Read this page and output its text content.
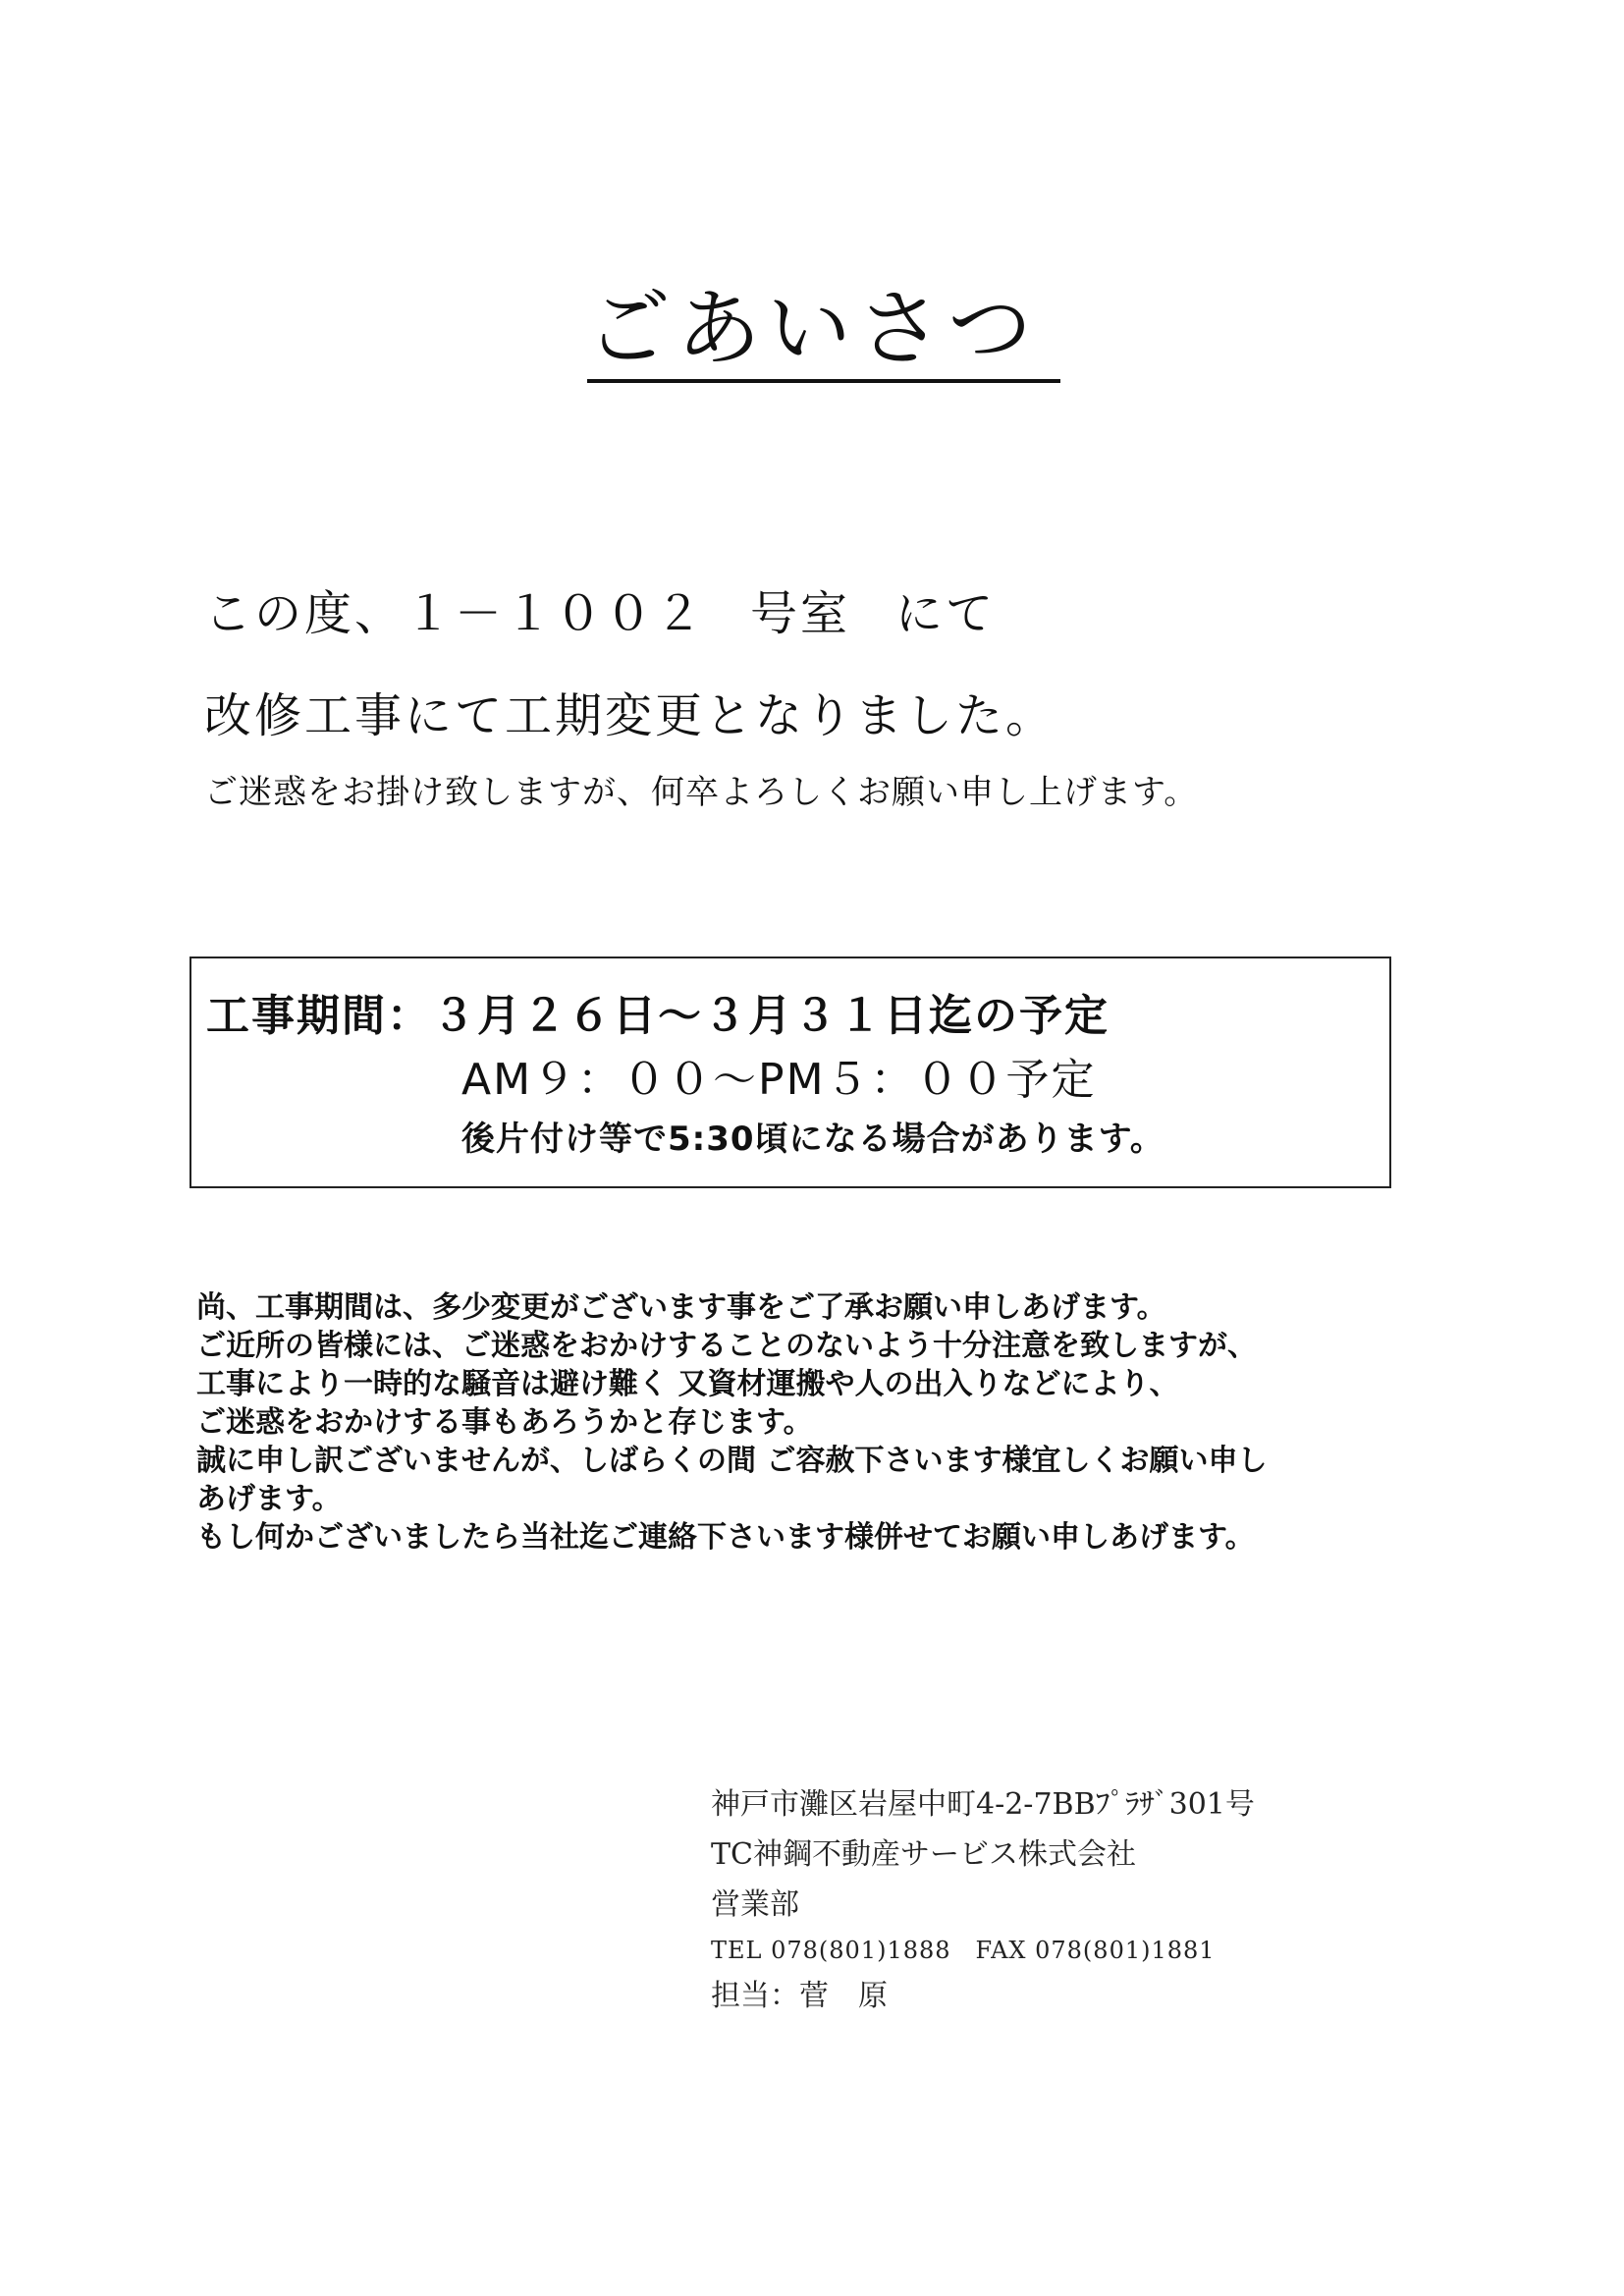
ごあいさつ
この度、１－１００２ 号室 にて
改修工事にて工期変更となりました。
ご迷惑をお掛け致しますが、何卒よろしくお願い申し上げます。
工事期間：３月２６日～３月３１日迄の予定
AM９：００～PM５：００予定
後片付け等で5:30頃になる場合があります。
尚、工事期間は、多少変更がございます事をご了承お願い申しあげます。
ご近所の皆様には、ご迷惑をおかけすることのないよう十分注意を致しますが、
工事により一時的な騒音は避け難く 又資材運搬や人の出入りなどにより、
ご迷惑をおかけする事もあろうかと存じます。
誠に申し訳ございませんが、しばらくの間 ご容赦下さいます様宜しくお願い申し
あげます。
もし何かございましたら当社迄ご連絡下さいます様併せてお願い申しあげます。
神戸市灘区岩屋中町4-2-7BBﾌﾟﾗｻﾞ301号
TC神鋼不動産サービス株式会社
営業部
TEL 078(801)1888　FAX 078(801)1881
担当：菅　原
